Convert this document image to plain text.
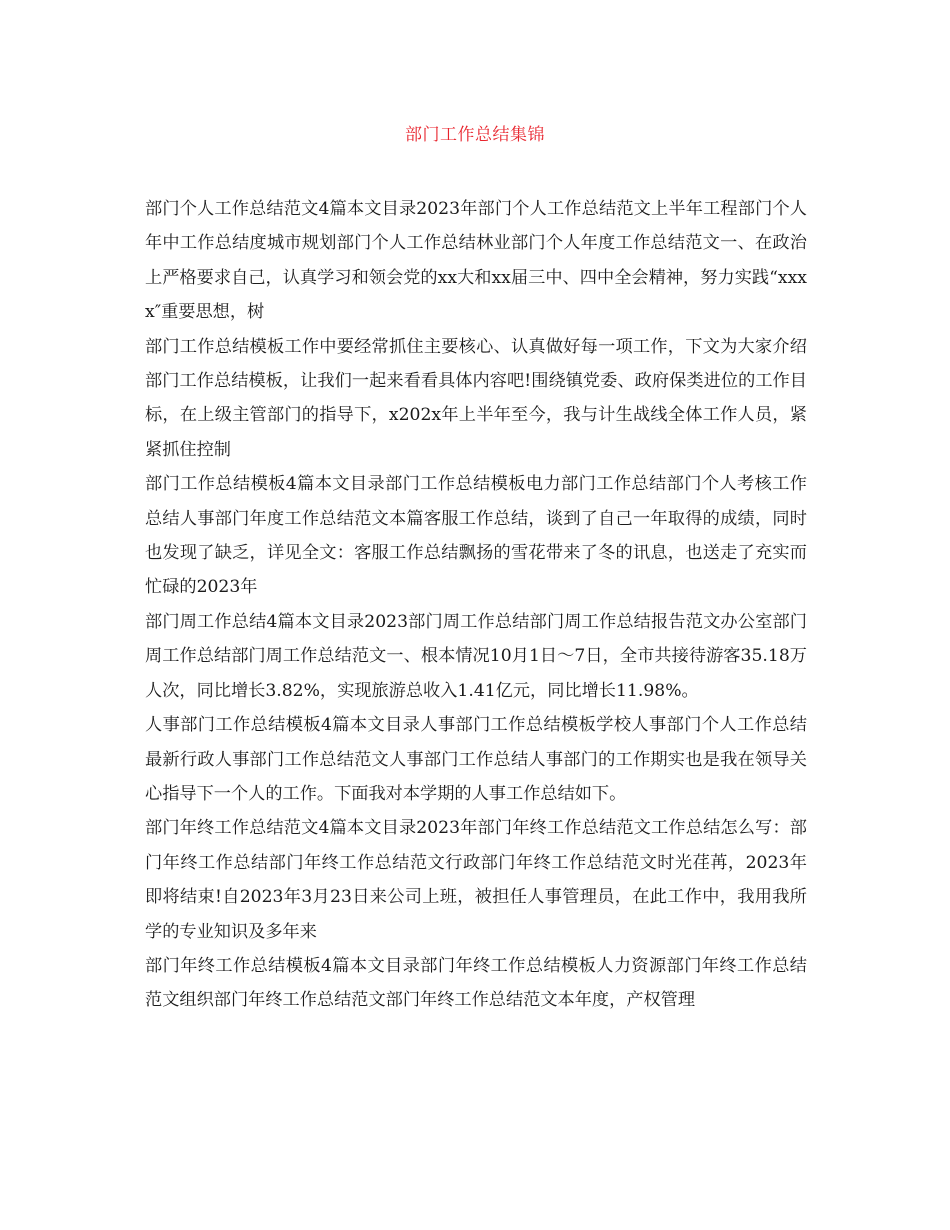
部门工作总结集锦

部门个人工作总结范文4篇本文目录2023年部门个人工作总结范文上半年工程部门个人年中工作总结度城市规划部门个人工作总结林业部门个人年度工作总结范文一、在政治上严格要求自己，认真学习和领会党的xx大和xx届三中、四中全会精神，努力实践“xxxx″重要思想，树

部门工作总结模板工作中要经常抓住主要核心、认真做好每一项工作，下文为大家介绍部门工作总结模板，让我们一起来看看具体内容吧!围绕镇党委、政府保类进位的工作目标，在上级主管部门的指导下，x202x年上半年至今，我与计生战线全体工作人员，紧紧抓住控制

部门工作总结模板4篇本文目录部门工作总结模板电力部门工作总结部门个人考核工作总结人事部门年度工作总结范文本篇客服工作总结，谈到了自己一年取得的成绩，同时也发现了缺乏，详见全文：客服工作总结飘扬的雪花带来了冬的讯息，也送走了充实而忙碌的2023年

部门周工作总结4篇本文目录2023部门周工作总结部门周工作总结报告范文办公室部门周工作总结部门周工作总结范文一、根本情况10月1日～7日，全市共接待游客35.18万人次，同比增长3.82%，实现旅游总收入1.41亿元，同比增长11.98%。

人事部门工作总结模板4篇本文目录人事部门工作总结模板学校人事部门个人工作总结最新行政人事部门工作总结范文人事部门工作总结人事部门的工作期实也是我在领导关心指导下一个人的工作。下面我对本学期的人事工作总结如下。

部门年终工作总结范文4篇本文目录2023年部门年终工作总结范文工作总结怎么写：部门年终工作总结部门年终工作总结范文行政部门年终工作总结范文时光荏苒，2023年即将结束!自2023年3月23日来公司上班，被担任人事管理员，在此工作中，我用我所学的专业知识及多年来

部门年终工作总结模板4篇本文目录部门年终工作总结模板人力资源部门年终工作总结范文组织部门年终工作总结范文部门年终工作总结范文本年度，产权管理
